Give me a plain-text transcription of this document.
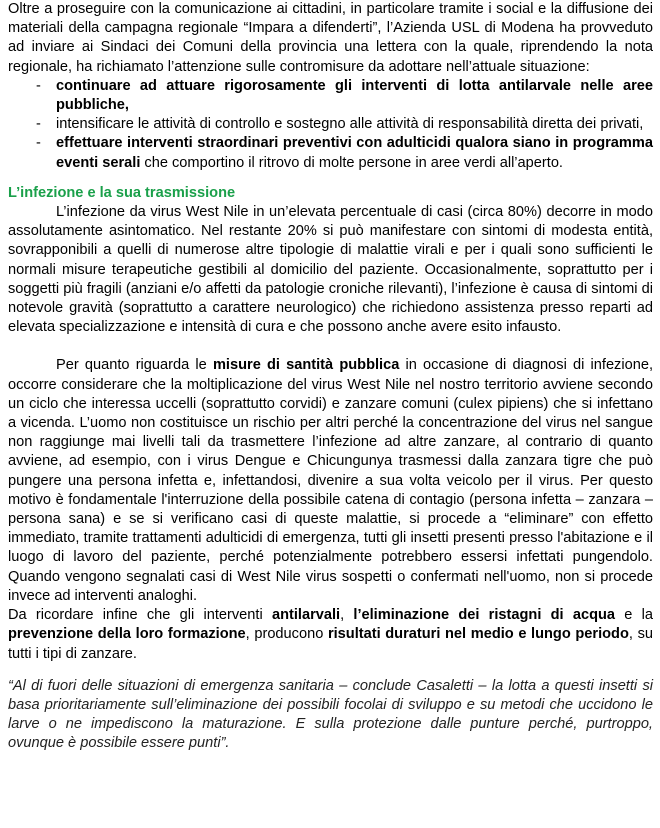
Oltre a proseguire con la comunicazione ai cittadini, in particolare tramite i social e la diffusione dei materiali della campagna regionale “Impara a difenderti”, l’Azienda USL di Modena ha provveduto ad inviare ai Sindaci dei Comuni della provincia una lettera con la quale, riprendendo la nota regionale, ha richiamato l’attenzione sulle contromisure da adottare nell’attuale situazione:

- continuare ad attuare rigorosamente gli interventi di lotta antilarvale nelle aree pubbliche,
- intensificare le attività di controllo e sostegno alle attività di responsabilità diretta dei privati,
- effettuare interventi straordinari preventivi con adulticidi qualora siano in programma eventi serali che comportino il ritrovo di molte persone in aree verdi all’aperto.
L’infezione e la sua trasmissione

L’infezione da virus West Nile in un’elevata percentuale di casi (circa 80%) decorre in modo assolutamente asintomatico. Nel restante 20% si può manifestare con sintomi di modesta entità, sovrapponibili a quelli di numerose altre tipologie di malattie virali e per i quali sono sufficienti le normali misure terapeutiche gestibili al domicilio del paziente. Occasionalmente, soprattutto per i soggetti più fragili (anziani e/o affetti da patologie croniche rilevanti), l’infezione è causa di sintomi di notevole gravità (soprattutto a carattere neurologico) che richiedono assistenza presso reparti ad elevata specializzazione e intensità di cura e che possono anche avere esito infausto.

Per quanto riguarda le misure di santità pubblica in occasione di diagnosi di infezione, occorre considerare che la moltiplicazione del virus West Nile nel nostro territorio avviene secondo un ciclo che interessa uccelli (soprattutto corvidi) e zanzare comuni (culex pipiens) che si infettano a vicenda. L’uomo non costituisce un rischio per altri perché la concentrazione del virus nel sangue non raggiunge mai livelli tali da trasmettere l’infezione ad altre zanzare, al contrario di quanto avviene, ad esempio, con i virus Dengue e Chicungunya trasmessi dalla zanzara tigre che può pungere una persona infetta e, infettandosi, divenire a sua volta veicolo per il virus. Per questo motivo è fondamentale l'interruzione della possibile catena di contagio (persona infetta – zanzara – persona sana) e se si verificano casi di queste malattie, si procede a “eliminare” con effetto immediato, tramite trattamenti adulticidi di emergenza, tutti gli insetti presenti presso l'abitazione e il luogo di lavoro del paziente, perché potenzialmente potrebbero essersi infettati pungendolo. Quando vengono segnalati casi di West Nile virus sospetti o confermati nell'uomo, non si procede invece ad interventi analoghi.

Da ricordare infine che gli interventi antilarvali, l’eliminazione dei ristagni di acqua e la prevenzione della loro formazione, producono risultati duraturi nel medio e lungo periodo, su tutti i tipi di zanzare.

“Al di fuori delle situazioni di emergenza sanitaria – conclude Casaletti – la lotta a questi insetti si basa prioritariamente sull’eliminazione dei possibili focolai di sviluppo e su metodi che uccidono le larve o ne impediscono la maturazione. E sulla protezione dalle punture perché, purtroppo, ovunque è possibile essere punti”.
